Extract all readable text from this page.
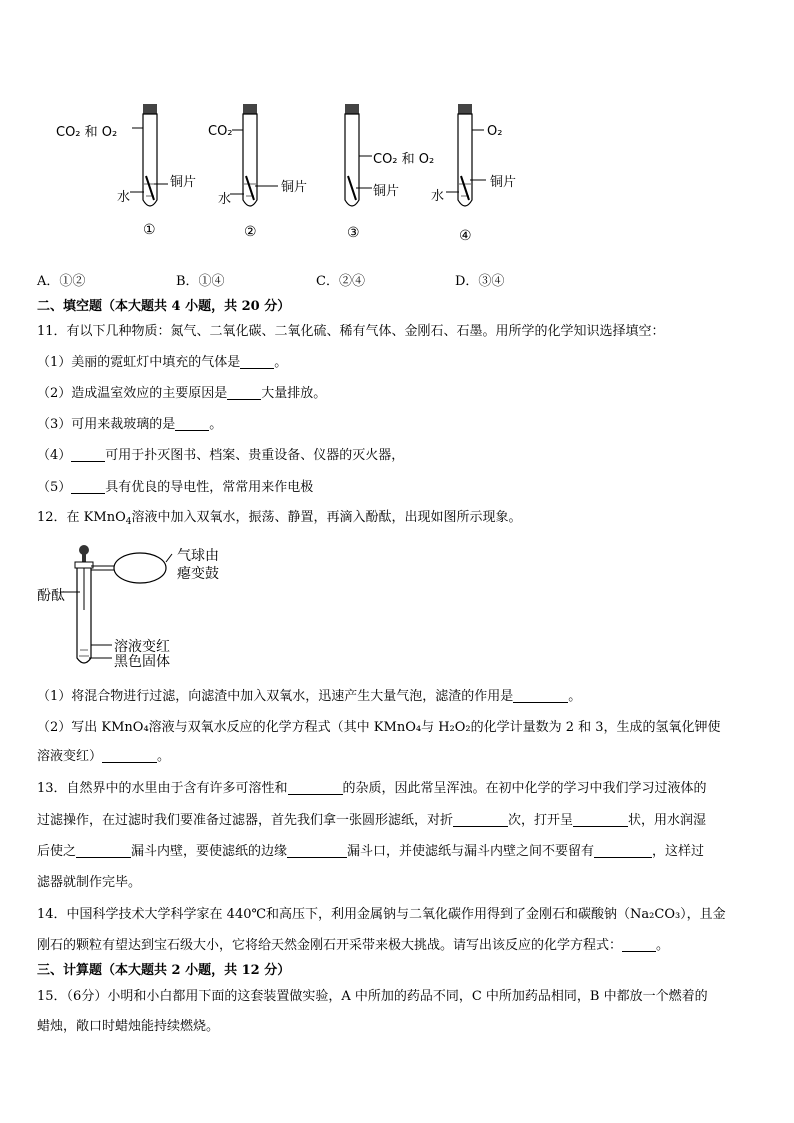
CO₂ 和 O₂
水
铜片
①
CO₂
水
铜片
②
CO₂ 和 O₂
铜片
③
O₂
水
铜片
④
A．①②	B．①④	C．②④	D．③④
二、填空题（本大题共 4 小题，共 20 分）
11．有以下几种物质：氮气、二氧化碳、二氧化硫、稀有气体、金刚石、石墨。用所学的化学知识选择填空：
（1）美丽的霓虹灯中填充的气体是	。
（2）造成温室效应的主要原因是	大量排放。
（3）可用来裁玻璃的是	。
（4）	可用于扑灭图书、档案、贵重设备、仪器的灭火器，
（5）	具有优良的导电性，常常用来作电极
12．在 KMnO$_4$溶液中加入双氧水，振荡、静置，再滴入酚酞，出现如图所示现象。
气球由
瘪变鼓
酚酞
溶液变红
黑色固体
（1）将混合物进行过滤，向滤渣中加入双氧水，迅速产生大量气泡，滤渣的作用是	。
（2）写出 KMnO₄溶液与双氧水反应的化学方程式（其中 KMnO₄与 H₂O₂的化学计量数为 2 和 3，生成的氢氧化钾使
溶液变红）	。
13．自然界中的水里由于含有许多可溶性和	的杂质，因此常呈浑浊。在初中化学的学习中我们学习过液体的
过滤操作，在过滤时我们要准备过滤器，首先我们拿一张圆形滤纸，对折	次，打开呈	状，用水润湿
后使之	漏斗内壁，要使滤纸的边缘	漏斗口，并使滤纸与漏斗内壁之间不要留有	，这样过
滤器就制作完毕。
14．中国科学技术大学科学家在 440℃和高压下，利用金属钠与二氧化碳作用得到了金刚石和碳酸钠（Na₂CO₃），且金
刚石的颗粒有望达到宝石级大小，它将给天然金刚石开采带来极大挑战。请写出该反应的化学方程式：	。
三、计算题（本大题共 2 小题，共 12 分）
15．（6分）小明和小白都用下面的这套装置做实验，A 中所加的药品不同，C 中所加药品相同，B 中都放一个燃着的
蜡烛，敞口时蜡烛能持续燃烧。
